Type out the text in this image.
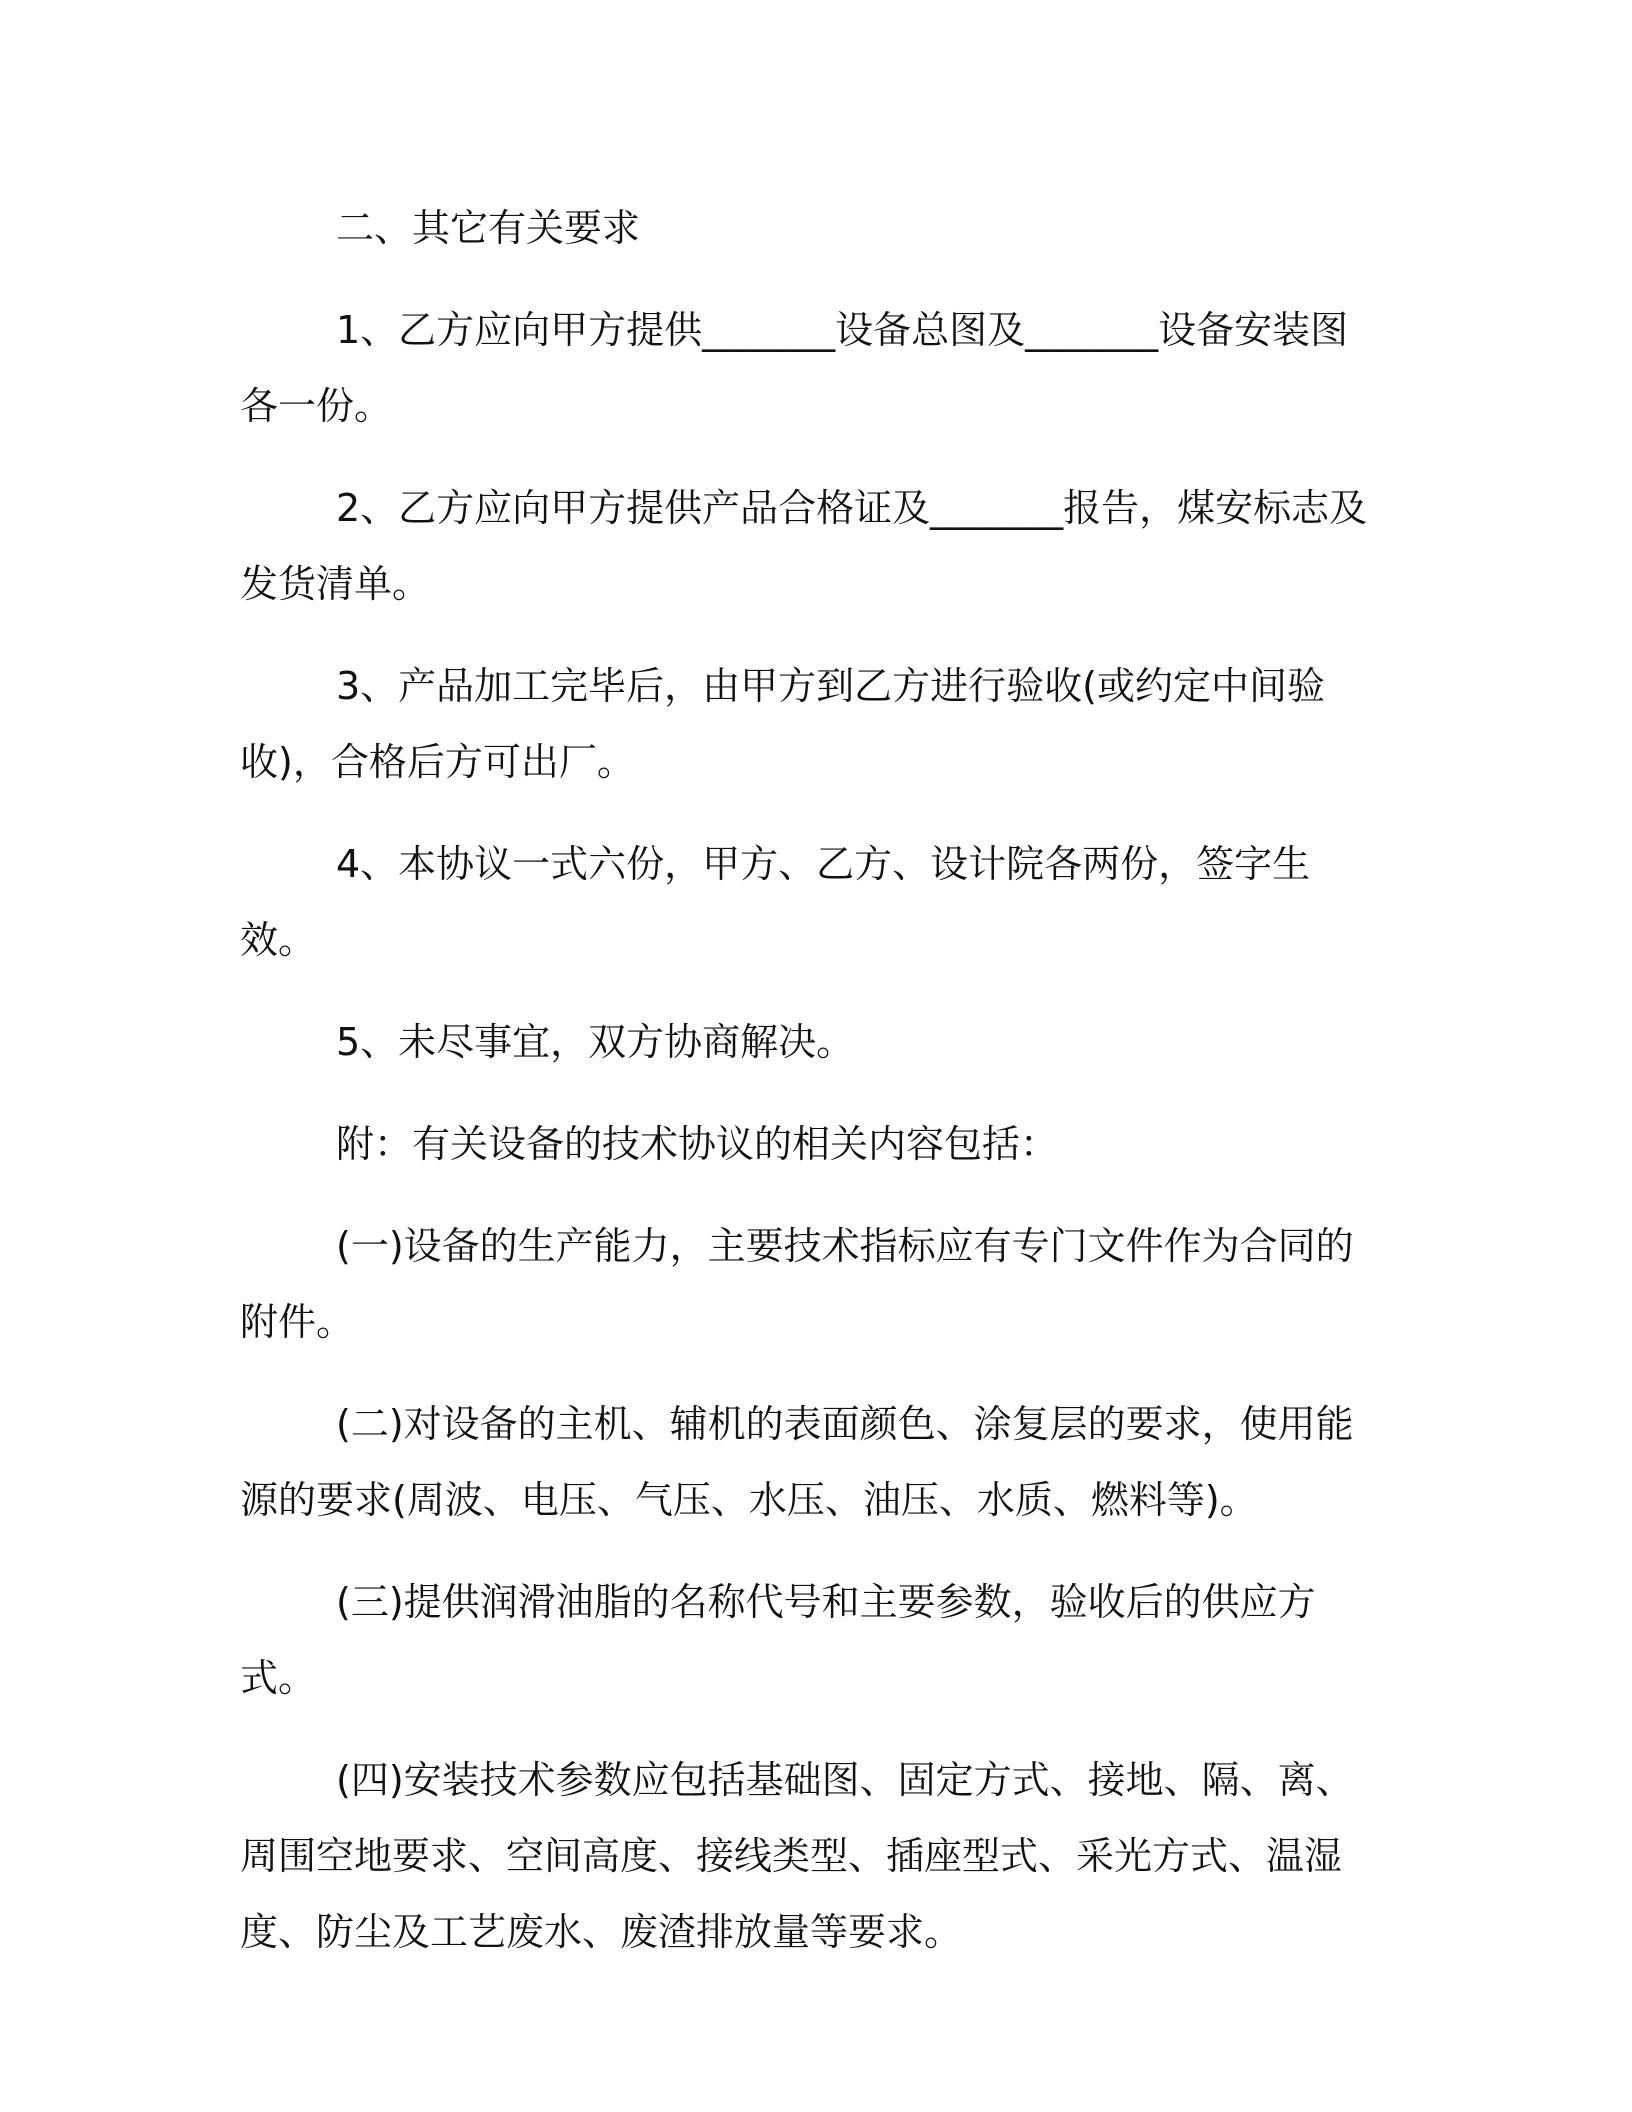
二、其它有关要求

1、乙方应向甲方提供_______设备总图及_______设备安装图各一份。

2、乙方应向甲方提供产品合格证及_______报告，煤安标志及发货清单。

3、产品加工完毕后，由甲方到乙方进行验收(或约定中间验收)，合格后方可出厂。

4、本协议一式六份，甲方、乙方、设计院各两份，签字生效。

5、未尽事宜，双方协商解决。

附：有关设备的技术协议的相关内容包括：

(一)设备的生产能力，主要技术指标应有专门文件作为合同的附件。

(二)对设备的主机、辅机的表面颜色、涂复层的要求，使用能源的要求(周波、电压、气压、水压、油压、水质、燃料等)。

(三)提供润滑油脂的名称代号和主要参数，验收后的供应方式。

(四)安装技术参数应包括基础图、固定方式、接地、隔、离、周围空地要求、空间高度、接线类型、插座型式、采光方式、温湿度、防尘及工艺废水、废渣排放量等要求。
